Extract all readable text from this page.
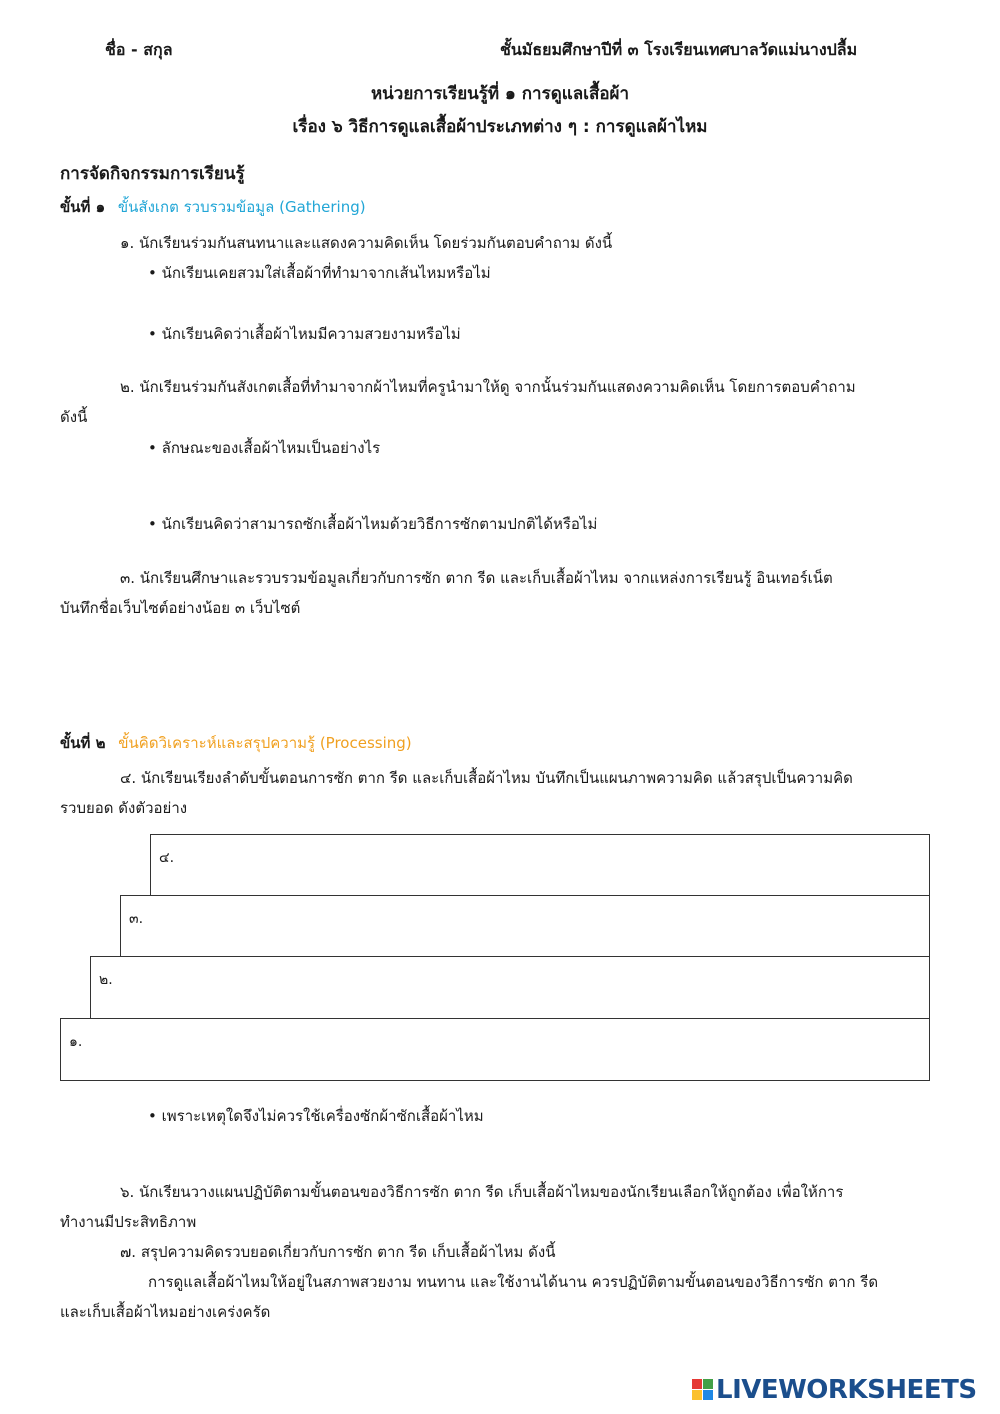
ชื่อ - สกุล	ชั้นมัธยมศึกษาปีที่ ๓ โรงเรียนเทศบาลวัดแม่นางปลื้ม
หน่วยการเรียนรู้ที่ ๑ การดูแลเสื้อผ้า
เรื่อง ๖ วิธีการดูแลเสื้อผ้าประเภทต่าง ๆ : การดูแลผ้าไหม
การจัดกิจกรรมการเรียนรู้
ขั้นที่ ๑ ขั้นสังเกต รวบรวมข้อมูล (Gathering)
๑. นักเรียนร่วมกันสนทนาและแสดงความคิดเห็น โดยร่วมกันตอบคำถาม ดังนี้
• นักเรียนเคยสวมใส่เสื้อผ้าที่ทำมาจากเส้นไหมหรือไม่
• นักเรียนคิดว่าเสื้อผ้าไหมมีความสวยงามหรือไม่
๒. นักเรียนร่วมกันสังเกตเสื้อที่ทำมาจากผ้าไหมที่ครูนำมาให้ดู จากนั้นร่วมกันแสดงความคิดเห็น โดยการตอบคำถาม
ดังนี้
• ลักษณะของเสื้อผ้าไหมเป็นอย่างไร
• นักเรียนคิดว่าสามารถซักเสื้อผ้าไหมด้วยวิธีการซักตามปกติได้หรือไม่
๓. นักเรียนศึกษาและรวบรวมข้อมูลเกี่ยวกับการซัก ตาก รีด และเก็บเสื้อผ้าไหม จากแหล่งการเรียนรู้ อินเทอร์เน็ต
บันทึกชื่อเว็บไซต์อย่างน้อย ๓ เว็บไซต์
ขั้นที่ ๒ ขั้นคิดวิเคราะห์และสรุปความรู้ (Processing)
๔. นักเรียนเรียงลำดับขั้นตอนการซัก ตาก รีด และเก็บเสื้อผ้าไหม บันทึกเป็นแผนภาพความคิด แล้วสรุปเป็นความคิด
รวบยอด ดังตัวอย่าง
๔.
๓.
๒.
๑.
• เพราะเหตุใดจึงไม่ควรใช้เครื่องซักผ้าซักเสื้อผ้าไหม
๖. นักเรียนวางแผนปฏิบัติตามขั้นตอนของวิธีการซัก ตาก รีด เก็บเสื้อผ้าไหมของนักเรียนเลือกให้ถูกต้อง เพื่อให้การ
ทำงานมีประสิทธิภาพ
๗. สรุปความคิดรวบยอดเกี่ยวกับการซัก ตาก รีด เก็บเสื้อผ้าไหม ดังนี้
การดูแลเสื้อผ้าไหมให้อยู่ในสภาพสวยงาม ทนทาน และใช้งานได้นาน ควรปฏิบัติตามขั้นตอนของวิธีการซัก ตาก รีด
และเก็บเสื้อผ้าไหมอย่างเคร่งครัด
LIVEWORKSHEETS
